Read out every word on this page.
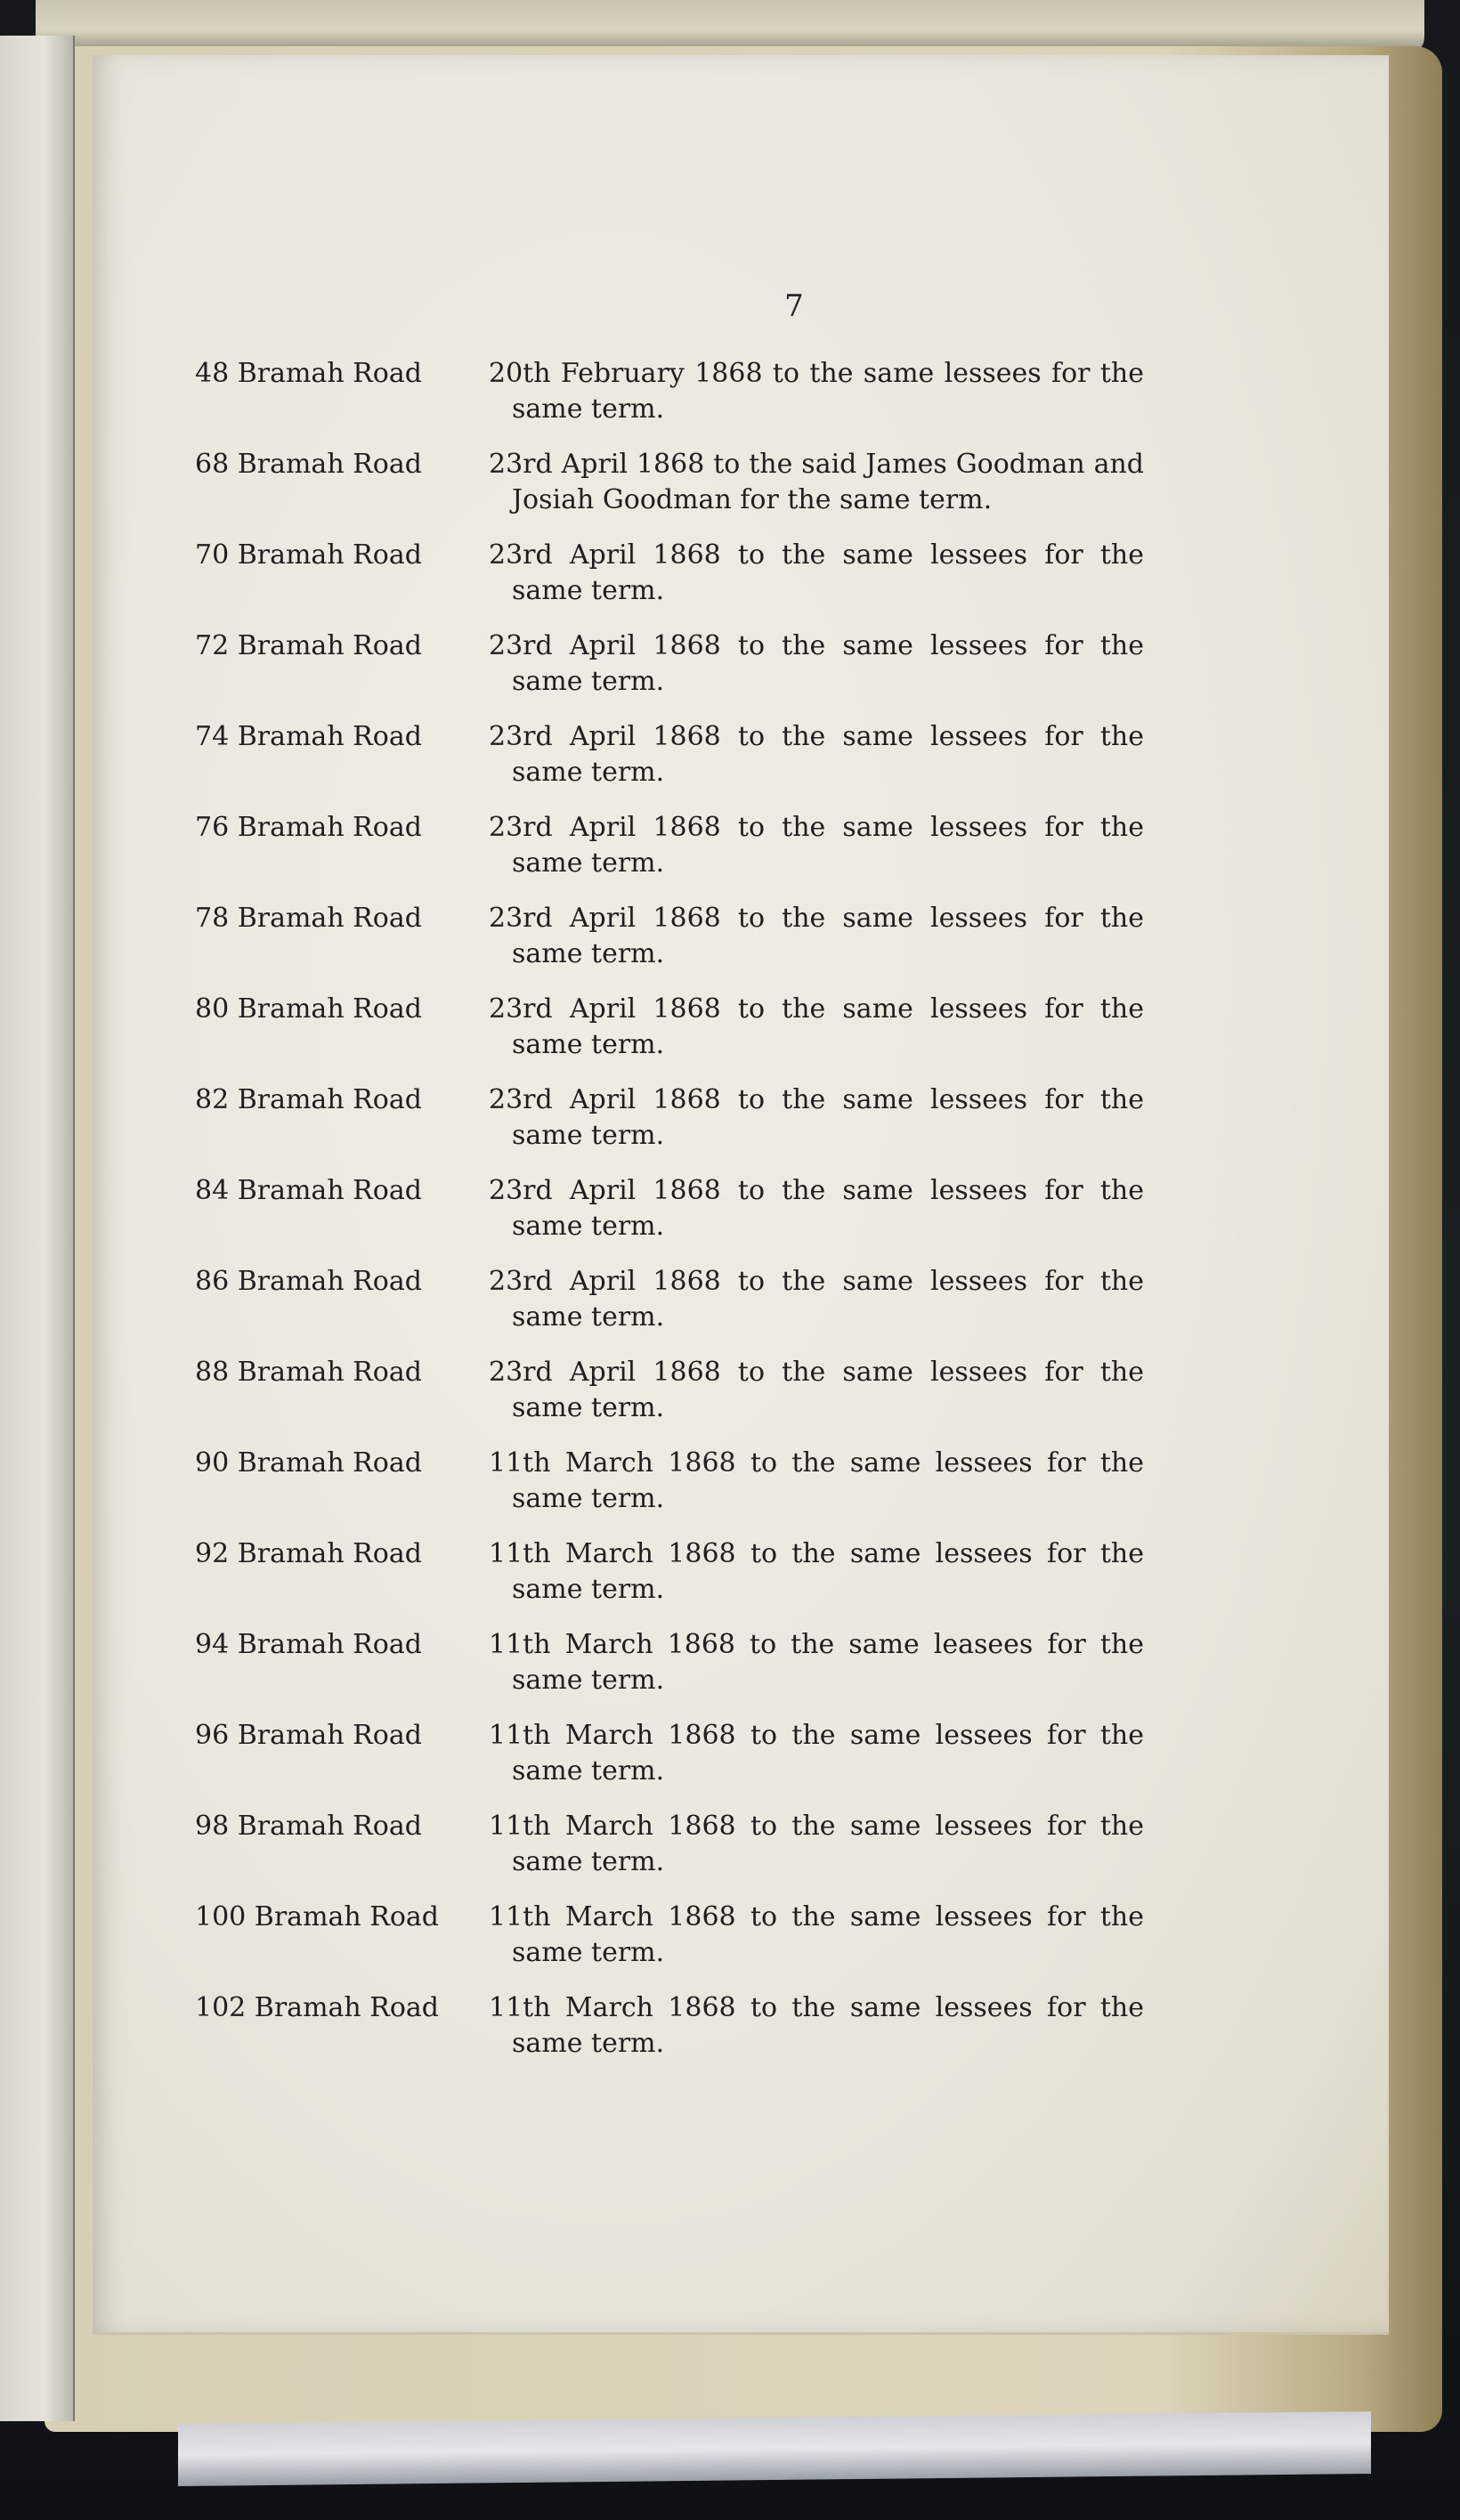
7
48 Bramah Road	20th February 1868 to the same lessees for the same term.
68 Bramah Road	23rd April 1868 to the said James Goodman and Josiah Goodman for the same term.
70 Bramah Road	23rd April 1868 to the same lessees for the same term.
72 Bramah Road	23rd April 1868 to the same lessees for the same term.
74 Bramah Road	23rd April 1868 to the same lessees for the same term.
76 Bramah Road	23rd April 1868 to the same lessees for the same term.
78 Bramah Road	23rd April 1868 to the same lessees for the same term.
80 Bramah Road	23rd April 1868 to the same lessees for the same term.
82 Bramah Road	23rd April 1868 to the same lessees for the same term.
84 Bramah Road	23rd April 1868 to the same lessees for the same term.
86 Bramah Road	23rd April 1868 to the same lessees for the same term.
88 Bramah Road	23rd April 1868 to the same lessees for the same term.
90 Bramah Road	11th March 1868 to the same lessees for the same term.
92 Bramah Road	11th March 1868 to the same lessees for the same term.
94 Bramah Road	11th March 1868 to the same leasees for the same term.
96 Bramah Road	11th March 1868 to the same lessees for the same term.
98 Bramah Road	11th March 1868 to the same lessees for the same term.
100 Bramah Road	11th March 1868 to the same lessees for the same term.
102 Bramah Road	11th March 1868 to the same lessees for the same term.
